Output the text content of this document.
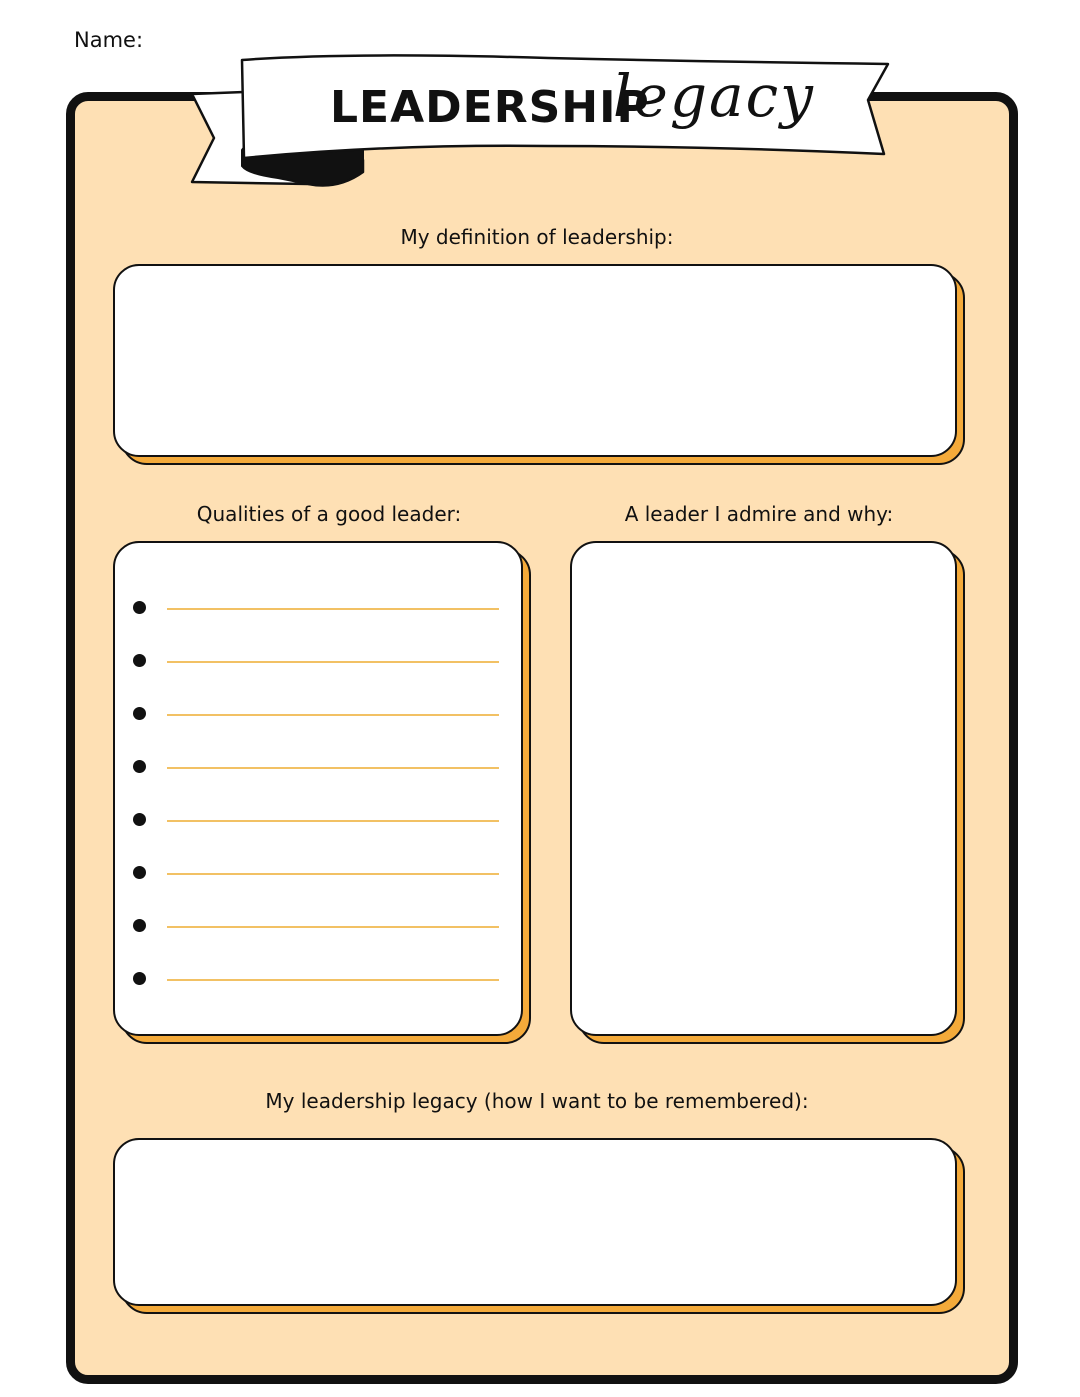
Name:
LEADERSHIP
legacy
My definition of leadership:
Qualities of a good leader:	A leader I admire and why:
My leadership legacy (how I want to be remembered):
